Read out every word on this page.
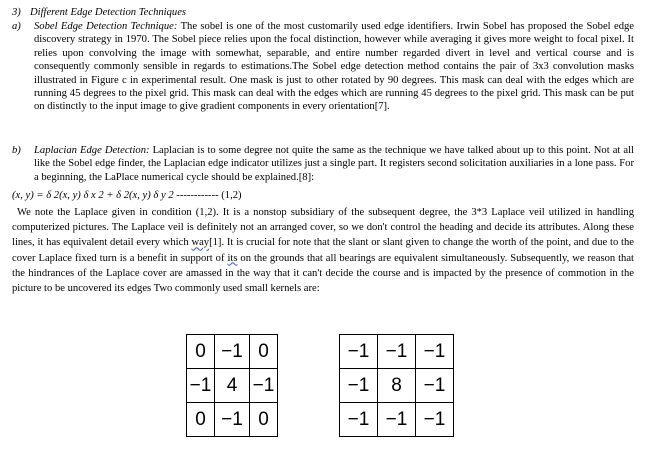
3) Different Edge Detection Techniques
a) Sobel Edge Detection Technique: The sobel is one of the most customarily used edge identifiers. Irwin Sobel has proposed the Sobel edge discovery strategy in 1970. The Sobel piece relies upon the focal distinction, however while averaging it gives more weight to focal pixel. It relies upon convolving the image with somewhat, separable, and entire number regarded divert in level and vertical course and is consequently commonly sensible in regards to estimations.The Sobel edge detection method contains the pair of 3x3 convolution masks illustrated in Figure c in experimental result. One mask is just to other rotated by 90 degrees. This mask can deal with the edges which are running 45 degrees to the pixel grid. This mask can deal with the edges which are running 45 degrees to the pixel grid. This mask can be put on distinctly to the input image to give gradient components in every orientation[7].
b) Laplacian Edge Detection: Laplacian is to some degree not quite the same as the technique we have talked about up to this point. Not at all like the Sobel edge finder, the Laplacian edge indicator utilizes just a single part. It registers second solicitation auxiliaries in a lone pass. For a beginning, the LaPlace numerical cycle should be explained.[8]:
(x, y) = δ 2(x, y) δ x 2 + δ 2(x, y) δ y 2 ------------ (1,2)
We note the Laplace given in condition (1,2). It is a nonstop subsidiary of the subsequent degree, the 3*3 Laplace veil utilized in handling computerized pictures. The Laplace veil is definitely not an arranged cover, so we don't control the heading and decide its attributes. Along these lines, it has equivalent detail every which way[1]. It is crucial for note that the slant or slant given to change the worth of the point, and due to the cover Laplace fixed turn is a benefit in support of its on the grounds that all bearings are equivalent simultaneously. Subsequently, we reason that the hindrances of the Laplace cover are amassed in the way that it can't decide the course and is impacted by the presence of commotion in the picture to be uncovered its edges Two commonly used small kernels are:
0	−1	0
−1	4	−1
0	−1	0
−1	−1	−1
−1	8	−1
−1	−1	−1
